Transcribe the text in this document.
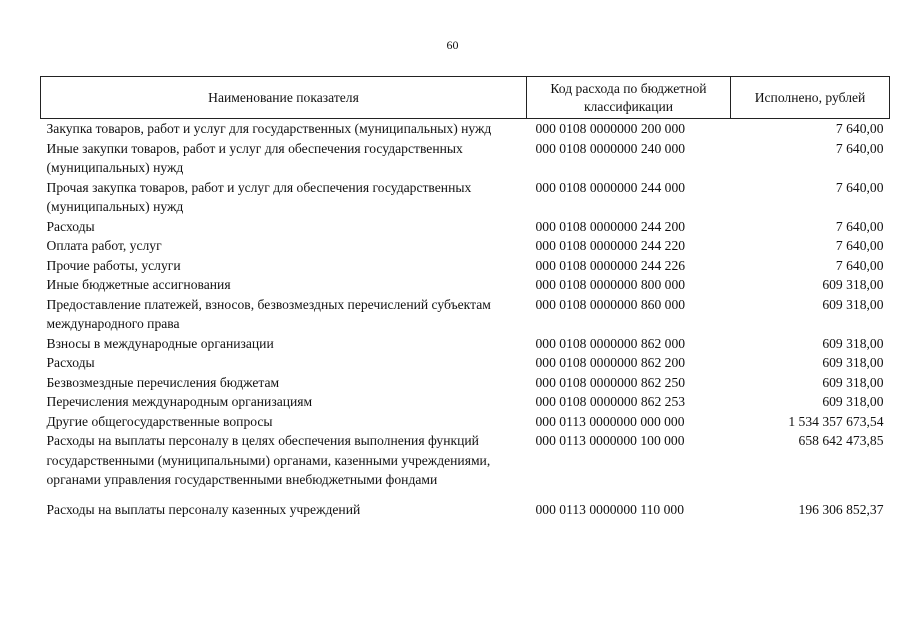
60
Наименование показателя	Код расхода по бюджетной классификации	Исполнено, рублей
Закупка товаров, работ и услуг для государственных (муниципальных) нужд	000 0108 0000000 200 000	7 640,00
Иные закупки товаров, работ и услуг для обеспечения государственных (муниципальных) нужд	000 0108 0000000 240 000	7 640,00
Прочая закупка товаров, работ и услуг для обеспечения государственных (муниципальных) нужд	000 0108 0000000 244 000	7 640,00
Расходы	000 0108 0000000 244 200	7 640,00
Оплата работ, услуг	000 0108 0000000 244 220	7 640,00
Прочие работы, услуги	000 0108 0000000 244 226	7 640,00
Иные бюджетные ассигнования	000 0108 0000000 800 000	609 318,00
Предоставление платежей, взносов, безвозмездных перечислений субъектам международного права	000 0108 0000000 860 000	609 318,00
Взносы в международные организации	000 0108 0000000 862 000	609 318,00
Расходы	000 0108 0000000 862 200	609 318,00
Безвозмездные перечисления бюджетам	000 0108 0000000 862 250	609 318,00
Перечисления международным организациям	000 0108 0000000 862 253	609 318,00
Другие общегосударственные вопросы	000 0113 0000000 000 000	1 534 357 673,54
Расходы на выплаты персоналу в целях обеспечения выполнения функций государственными (муниципальными) органами, казенными учреждениями, органами управления государственными внебюджетными фондами	000 0113 0000000 100 000	658 642 473,85
Расходы на выплаты персоналу казенных учреждений	000 0113 0000000 110 000	196 306 852,37
